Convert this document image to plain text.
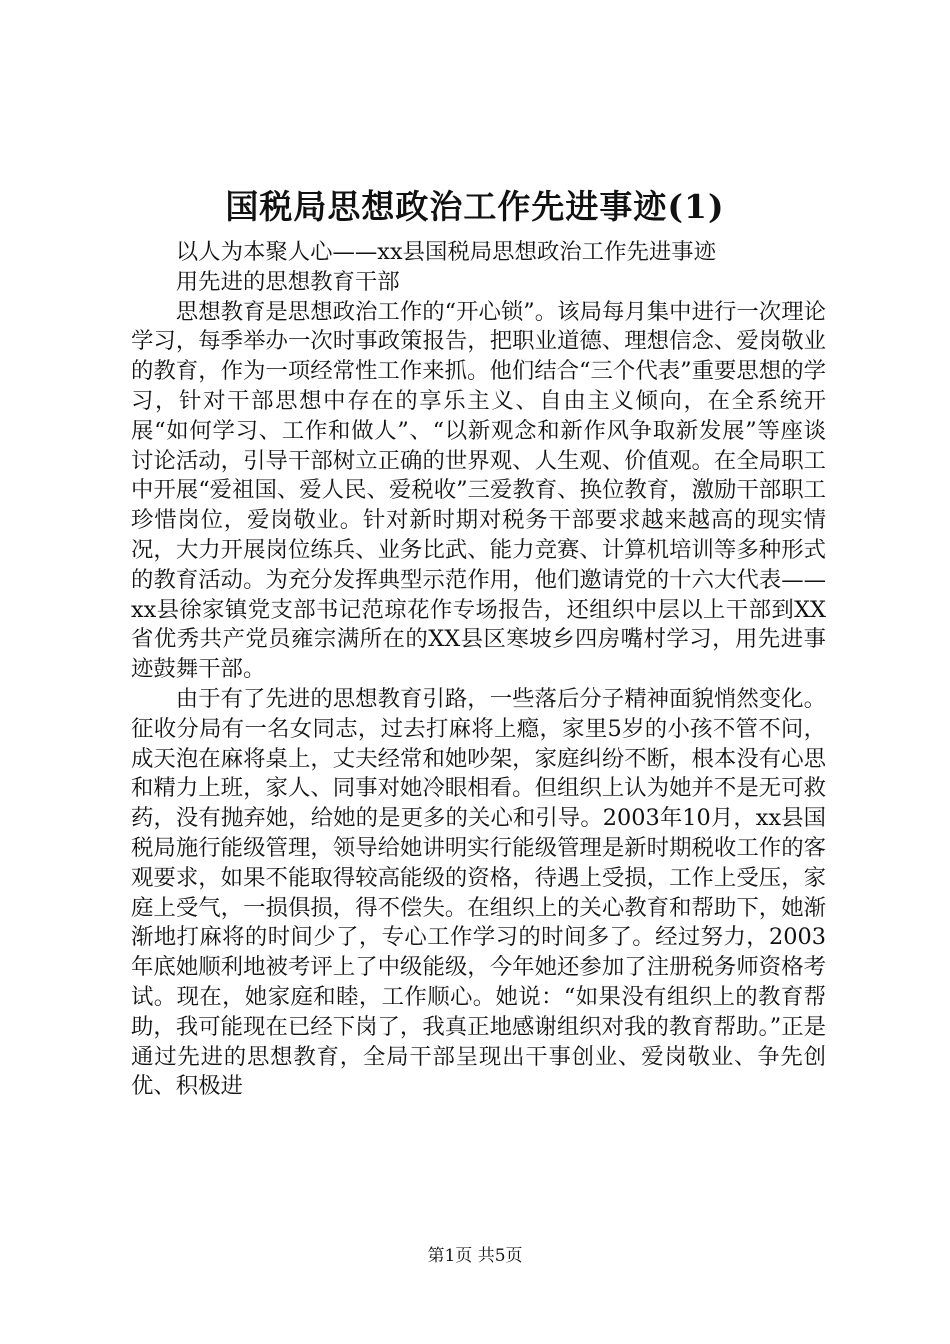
国税局思想政治工作先进事迹(1)

以人为本聚人心——xx县国税局思想政治工作先进事迹

用先进的思想教育干部

思想教育是思想政治工作的“开心锁”。该局每月集中进行一次理论学习，每季举办一次时事政策报告，把职业道德、理想信念、爱岗敬业的教育，作为一项经常性工作来抓。他们结合“三个代表”重要思想的学习，针对干部思想中存在的享乐主义、自由主义倾向，在全系统开展“如何学习、工作和做人”、“以新观念和新作风争取新发展”等座谈讨论活动，引导干部树立正确的世界观、人生观、价值观。在全局职工中开展“爱祖国、爱人民、爱税收”三爱教育、换位教育，激励干部职工珍惜岗位，爱岗敬业。针对新时期对税务干部要求越来越高的现实情况，大力开展岗位练兵、业务比武、能力竞赛、计算机培训等多种形式的教育活动。为充分发挥典型示范作用，他们邀请党的十六大代表——xx县徐家镇党支部书记范琼花作专场报告，还组织中层以上干部到XX省优秀共产党员雍宗满所在的XX县区寒坡乡四房嘴村学习，用先进事迹鼓舞干部。

由于有了先进的思想教育引路，一些落后分子精神面貌悄然变化。征收分局有一名女同志，过去打麻将上瘾，家里5岁的小孩不管不问，成天泡在麻将桌上，丈夫经常和她吵架，家庭纠纷不断，根本没有心思和精力上班，家人、同事对她冷眼相看。但组织上认为她并不是无可救药，没有抛弃她，给她的是更多的关心和引导。2003年10月，xx县国税局施行能级管理，领导给她讲明实行能级管理是新时期税收工作的客观要求，如果不能取得较高能级的资格，待遇上受损，工作上受压，家庭上受气，一损俱损，得不偿失。在组织上的关心教育和帮助下，她渐渐地打麻将的时间少了，专心工作学习的时间多了。经过努力，2003年底她顺利地被考评上了中级能级，今年她还参加了注册税务师资格考试。现在，她家庭和睦，工作顺心。她说：“如果没有组织上的教育帮助，我可能现在已经下岗了，我真正地感谢组织对我的教育帮助。”正是通过先进的思想教育，全局干部呈现出干事创业、爱岗敬业、争先创优、积极进

第1页 共5页
